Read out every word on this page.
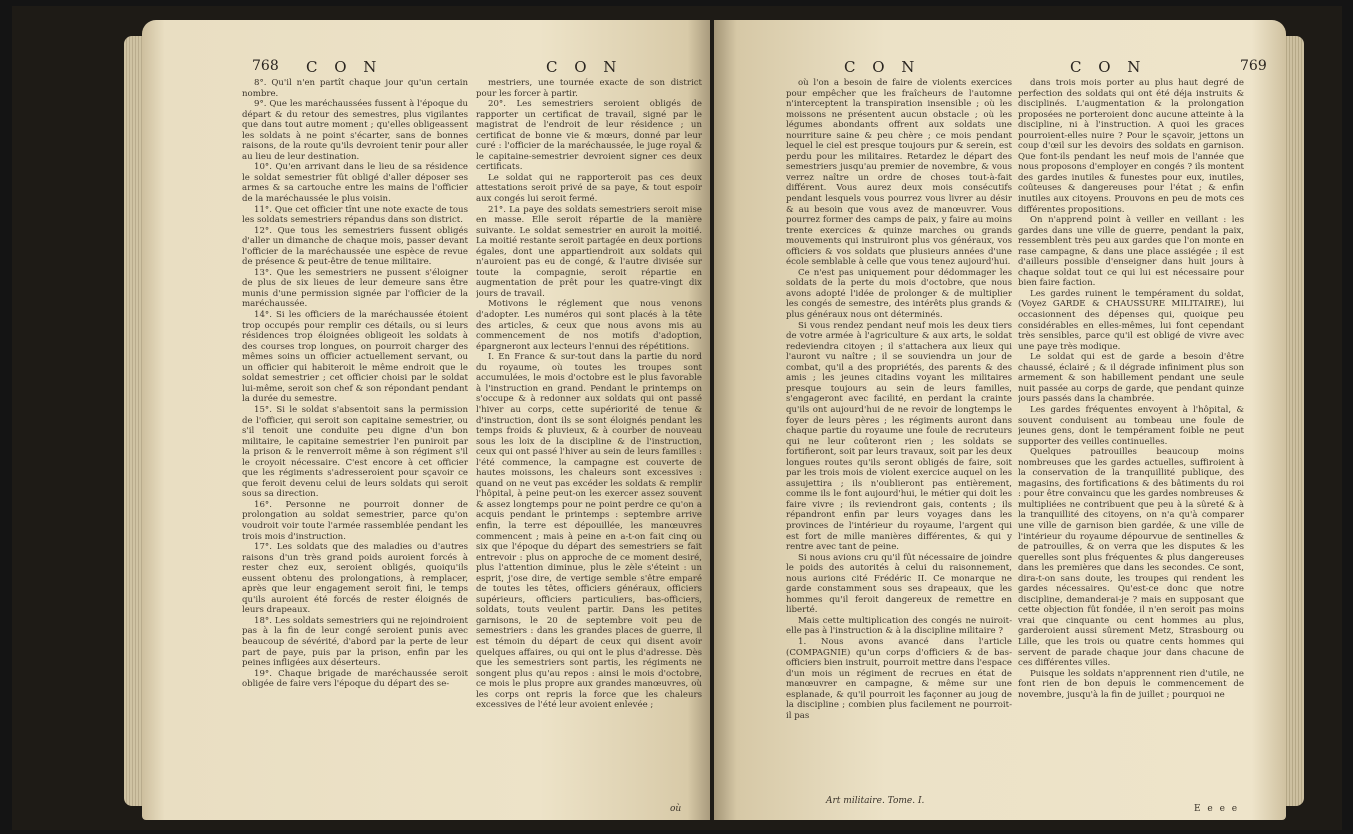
768 C O N	C O N

8°. Qu'il n'en partît chaque jour qu'un certain nombre.

9°. Que les maréchaussées fussent à l'époque du départ & du retour des semestres, plus vigilantes que dans tout autre moment ; qu'elles obligeassent les soldats à ne point s'écarter, sans de bonnes raisons, de la route qu'ils devroient tenir pour aller au lieu de leur destination.

10°. Qu'en arrivant dans le lieu de sa résidence le soldat semestrier fût obligé d'aller déposer ses armes & sa cartouche entre les mains de l'officier de la maréchaussée le plus voisin.

11°. Que cet officier tînt une note exacte de tous les soldats semestriers répandus dans son district.

12°. Que tous les semestriers fussent obligés d'aller un dimanche de chaque mois, passer devant l'officier de la maréchaussée une espèce de revue de présence & peut-être de tenue militaire.

13°. Que les semestriers ne pussent s'éloigner de plus de six lieues de leur demeure sans être munis d'une permission signée par l'officier de la maréchaussée.

14°. Si les officiers de la maréchaussée étoient trop occupés pour remplir ces détails, ou si leurs résidences trop éloignées obligeoit les soldats à des courses trop longues, on pourroit charger des mêmes soins un officier actuellement servant, ou un officier qui habiteroit le même endroit que le soldat semestrier ; cet officier choisi par le soldat lui-même, seroit son chef & son répondant pendant la durée du semestre.

15°. Si le soldat s'absentoit sans la permission de l'officier, qui seroit son capitaine semestrier, ou s'il tenoit une conduite peu digne d'un bon militaire, le capitaine semestrier l'en puniroit par la prison & le renverroit même à son régiment s'il le croyoit nécessaire. C'est encore à cet officier que les régiments s'adresseroient pour sçavoir ce que feroit devenu celui de leurs soldats qui seroit sous sa direction.

16°. Personne ne pourroit donner de prolongation au soldat semestrier, parce qu'on voudroit voir toute l'armée rassemblée pendant les trois mois d'instruction.

17°. Les soldats que des maladies ou d'autres raisons d'un très grand poids auroient forcés à rester chez eux, seroient obligés, quoiqu'ils eussent obtenu des prolongations, à remplacer, après que leur engagement seroit fini, le temps qu'ils auroient été forcés de rester éloignés de leurs drapeaux.

18°. Les soldats semestriers qui ne rejoindroient pas à la fin de leur congé seroient punis avec beaucoup de sévérité, d'abord par la perte de leur part de paye, puis par la prison, enfin par les peines infligées aux déserteurs.

19°. Chaque brigade de maréchaussée seroit obligée de faire vers l'époque du départ des se-

mestriers, une tournée exacte de son district pour les forcer à partir.

20°. Les semestriers seroient obligés de rapporter un certificat de travail, signé par le magistrat de l'endroit de leur résidence ; un certificat de bonne vie & mœurs, donné par leur curé : l'officier de la maréchaussée, le juge royal & le capitaine-semestrier devroient signer ces deux certificats.

Le soldat qui ne rapporteroit pas ces deux attestations seroit privé de sa paye, & tout espoir aux congés lui seroit fermé.

21°. La paye des soldats semestriers seroit mise en masse. Elle seroit répartie de la manière suivante. Le soldat semestrier en auroit la moitié. La moitié restante seroit partagée en deux portions égales, dont une appartiendroit aux soldats qui n'auroient pas eu de congé, & l'autre divisée sur toute la compagnie, seroit répartie en augmentation de prêt pour les quatre-vingt dix jours de travail.

Motivons le réglement que nous venons d'adopter. Les numéros qui sont placés à la tête des articles, & ceux que nous avons mis au commencement de nos motifs d'adoption, épargneront aux lecteurs l'ennui des répétitions.

I. En France & sur-tout dans la partie du nord du royaume, où toutes les troupes sont accumulées, le mois d'octobre est le plus favorable à l'instruction en grand. Pendant le printemps on s'occupe & à redonner aux soldats qui ont passé l'hiver au corps, cette supériorité de tenue & d'instruction, dont ils se sont éloignés pendant les temps froids & pluvieux, & à courber de nouveau sous les loix de la discipline & de l'instruction, ceux qui ont passé l'hiver au sein de leurs familles : l'été commence, la campagne est couverte de hautes moissons, les chaleurs sont excessives : quand on ne veut pas excéder les soldats & remplir l'hôpital, à peine peut-on les exercer assez souvent & assez longtemps pour ne point perdre ce qu'on a acquis pendant le printemps : septembre arrive enfin, la terre est dépouillée, les manœuvres commencent ; mais à peine en a-t-on fait cinq ou six que l'époque du départ des semestriers se fait entrevoir : plus on approche de ce moment desiré, plus l'attention diminue, plus le zèle s'éteint : un esprit, j'ose dire, de vertige semble s'être emparé de toutes les têtes, officiers généraux, officiers supérieurs, officiers particuliers, bas-officiers, soldats, touts veulent partir. Dans les petites garnisons, le 20 de septembre voit peu de semestriers : dans les grandes places de guerre, il est témoin du départ de ceux qui disent avoir quelques affaires, ou qui ont le plus d'adresse. Dès que les semestriers sont partis, les régiments ne songent plus qu'au repos : ainsi le mois d'octobre, ce mois le plus propre aux grandes manœuvres, où les corps ont repris la force que les chaleurs excessives de l'été leur avoient enlevée ;

où
C O N	C O N	769

où l'on a besoin de faire de violents exercices pour empêcher que les fraîcheurs de l'automne n'interceptent la transpiration insensible ; où les moissons ne présentent aucun obstacle ; où les légumes abondants offrent aux soldats une nourriture saine & peu chère ; ce mois pendant lequel le ciel est presque toujours pur & serein, est perdu pour les militaires. Retardez le départ des semestriers jusqu'au premier de novembre, & vous verrez naître un ordre de choses tout-à-fait différent. Vous aurez deux mois consécutifs pendant lesquels vous pourrez vous livrer au désir & au besoin que vous avez de manœuvrer. Vous pourrez former des camps de paix, y faire au moins trente exercices & quinze marches ou grands mouvements qui instruiront plus vos généraux, vos officiers & vos soldats que plusieurs années d'une école semblable à celle que vous tenez aujourd'hui.

Ce n'est pas uniquement pour dédommager les soldats de la perte du mois d'octobre, que nous avons adopté l'idée de prolonger & de multiplier les congés de semestre, des intérêts plus grands & plus généraux nous ont déterminés.

Si vous rendez pendant neuf mois les deux tiers de votre armée à l'agriculture & aux arts, le soldat redeviendra citoyen ; il s'attachera aux lieux qui l'auront vu naître ; il se souviendra un jour de combat, qu'il a des propriétés, des parents & des amis ; les jeunes citadins voyant les militaires presque toujours au sein de leurs familles, s'engageront avec facilité, en perdant la crainte qu'ils ont aujourd'hui de ne revoir de longtemps le foyer de leurs pères ; les régiments auront dans chaque partie du royaume une foule de recruteurs qui ne leur coûteront rien ; les soldats se fortifieront, soit par leurs travaux, soit par les deux longues routes qu'ils seront obligés de faire, soit par les trois mois de violent exercice auquel on les assujettira ; ils n'oublieront pas entièrement, comme ils le font aujourd'hui, le métier qui doit les faire vivre ; ils reviendront gais, contents ; ils répandront enfin par leurs voyages dans les provinces de l'intérieur du royaume, l'argent qui est fort de mille manières différentes, & qui y rentre avec tant de peine.

Si nous avions cru qu'il fût nécessaire de joindre le poids des autorités à celui du raisonnement, nous aurions cité Frédéric II. Ce monarque ne garde constamment sous ses drapeaux, que les hommes qu'il feroit dangereux de remettre en liberté.

Mais cette multiplication des congés ne nuiroit-elle pas à l'instruction & à la discipline militaire ?

1. Nous avons avancé dans l'article (COMPAGNIE) qu'un corps d'officiers & de bas-officiers bien instruit, pourroit mettre dans l'espace d'un mois un régiment de recrues en état de manœuvrer en campagne, & même sur une esplanade, & qu'il pourroit les façonner au joug de la discipline ; combien plus facilement ne pourroit-il pas

dans trois mois porter au plus haut degré de perfection des soldats qui ont été déja instruits & disciplinés. L'augmentation & la prolongation proposées ne porteroient donc aucune atteinte à la discipline, ni à l'instruction. A quoi les graces pourroient-elles nuire ? Pour le sçavoir, jettons un coup d'œil sur les devoirs des soldats en garnison. Que font-ils pendant les neuf mois de l'année que nous proposons d'employer en congés ? ils montent des gardes inutiles & funestes pour eux, inutiles, coûteuses & dangereuses pour l'état ; & enfin inutiles aux citoyens. Prouvons en peu de mots ces différentes propositions.

On n'apprend point à veiller en veillant : les gardes dans une ville de guerre, pendant la paix, ressemblent très peu aux gardes que l'on monte en rase campagne, & dans une place assiégée ; il est d'ailleurs possible d'enseigner dans huit jours à chaque soldat tout ce qui lui est nécessaire pour bien faire faction.

Les gardes ruinent le tempérament du soldat, (Voyez GARDE & CHAUSSURE MILITAIRE), lui occasionnent des dépenses qui, quoique peu considérables en elles-mêmes, lui font cependant très sensibles, parce qu'il est obligé de vivre avec une paye très modique.

Le soldat qui est de garde a besoin d'être chaussé, éclairé ; & il dégrade infiniment plus son armement & son habillement pendant une seule nuit passée au corps de garde, que pendant quinze jours passés dans la chambrée.

Les gardes fréquentes envoyent à l'hôpital, & souvent conduisent au tombeau une foule de jeunes gens, dont le tempérament foible ne peut supporter des veilles continuelles.

Quelques patrouilles beaucoup moins nombreuses que les gardes actuelles, suffiroient à la conservation de la tranquillité publique, des magasins, des fortifications & des bâtiments du roi : pour être convaincu que les gardes nombreuses & multipliées ne contribuent que peu à la sûreté & à la tranquillité des citoyens, on n'a qu'à comparer une ville de garnison bien gardée, & une ville de l'intérieur du royaume dépourvue de sentinelles & de patrouilles, & on verra que les disputes & les querelles sont plus fréquentes & plus dangereuses dans les premières que dans les secondes. Ce sont, dira-t-on sans doute, les troupes qui rendent les gardes nécessaires. Qu'est-ce donc que notre discipline, demanderai-je ? mais en supposant que cette objection fût fondée, il n'en seroit pas moins vrai que cinquante ou cent hommes au plus, garderoient aussi sûrement Metz, Strasbourg ou Lille, que les trois ou quatre cents hommes qui servent de parade chaque jour dans chacune de ces différentes villes.

Puisque les soldats n'apprennent rien d'utile, ne font rien de bon depuis le commencement de novembre, jusqu'à la fin de juillet ; pourquoi ne

Art militaire. Tome. I.
E e e e
